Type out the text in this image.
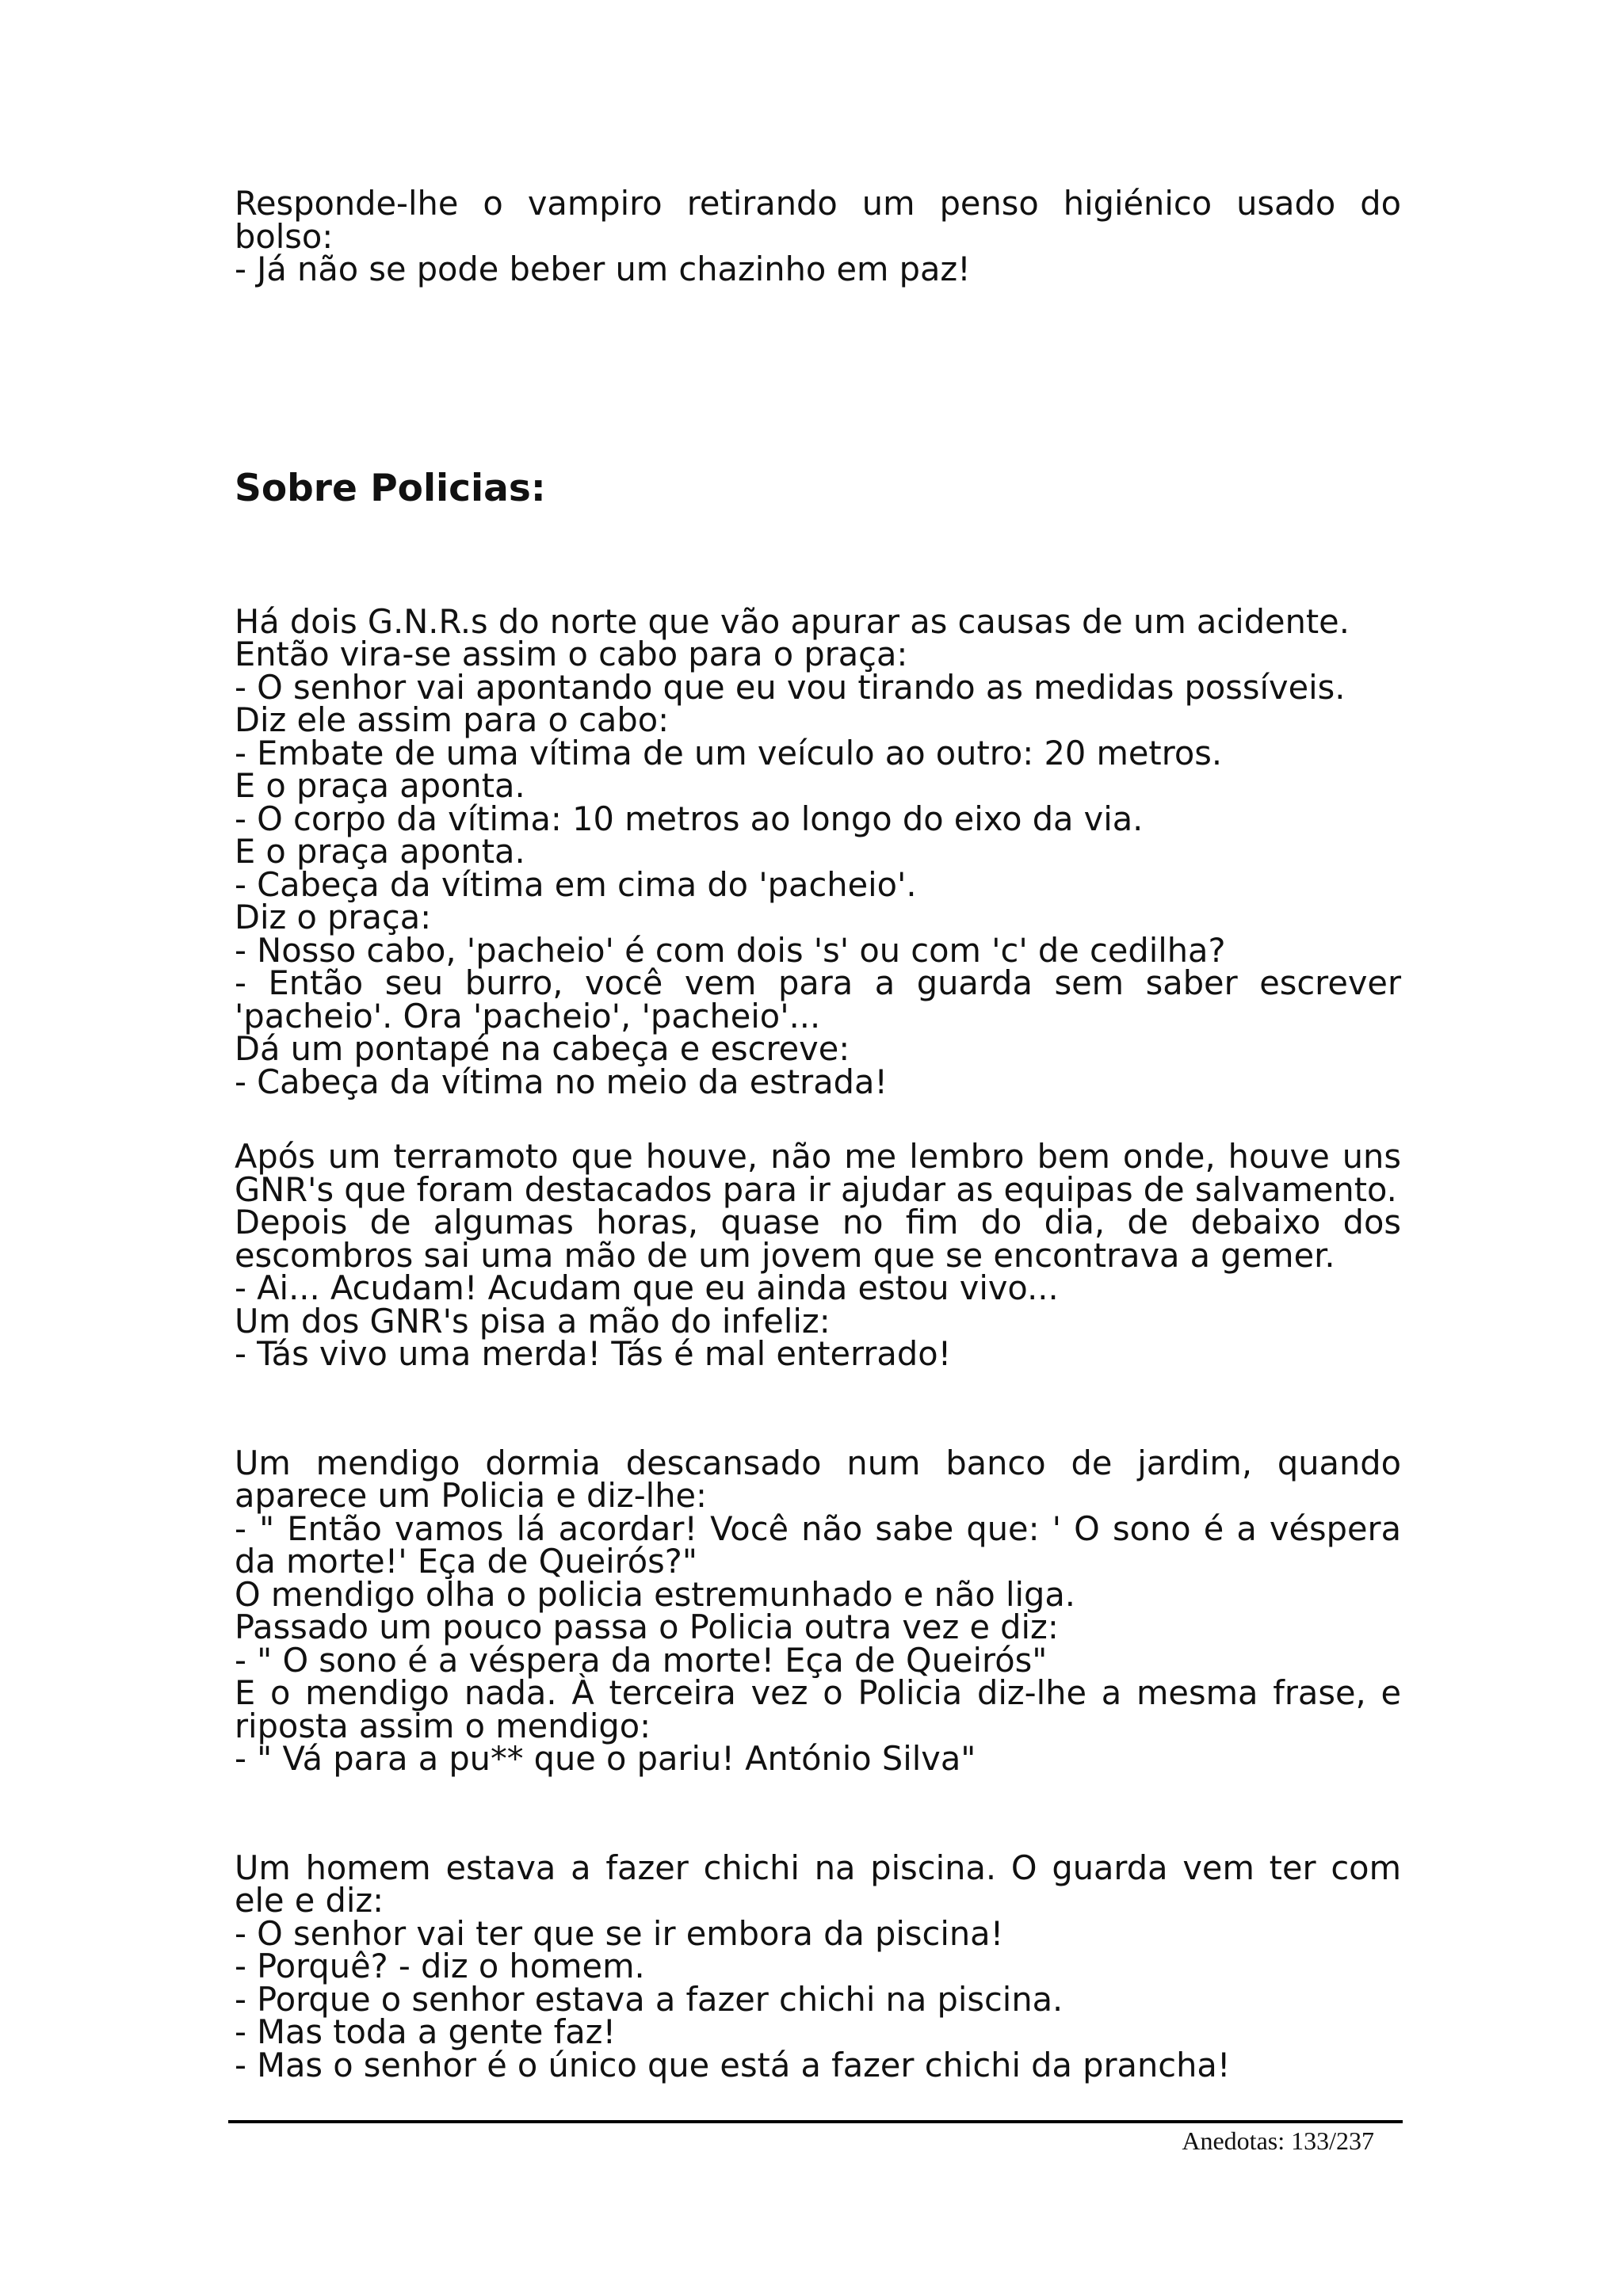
Responde-lhe o vampiro retirando um penso higiénico usado do
bolso:
- Já não se pode beber um chazinho em paz!
Sobre Policias:
Há dois G.N.R.s do norte que vão apurar as causas de um acidente.
Então vira-se assim o cabo para o praça:
- O senhor vai apontando que eu vou tirando as medidas possíveis.
Diz ele assim para o cabo:
- Embate de uma vítima de um veículo ao outro: 20 metros.
E o praça aponta.
- O corpo da vítima: 10 metros ao longo do eixo da via.
E o praça aponta.
- Cabeça da vítima em cima do 'pacheio'.
Diz o praça:
- Nosso cabo, 'pacheio' é com dois 's' ou com 'c' de cedilha?
- Então seu burro, você vem para a guarda sem saber escrever
'pacheio'. Ora 'pacheio', 'pacheio'...
Dá um pontapé na cabeça e escreve:
- Cabeça da vítima no meio da estrada!
Após um terramoto que houve, não me lembro bem onde, houve uns
GNR's que foram destacados para ir ajudar as equipas de salvamento.
Depois de algumas horas, quase no fim do dia, de debaixo dos
escombros sai uma mão de um jovem que se encontrava a gemer.
- Ai... Acudam! Acudam que eu ainda estou vivo...
Um dos GNR's pisa a mão do infeliz:
- Tás vivo uma merda! Tás é mal enterrado!
Um mendigo dormia descansado num banco de jardim, quando
aparece um Policia e diz-lhe:
- " Então vamos lá acordar! Você não sabe que: ' O sono é a véspera
da morte!' Eça de Queirós?"
O mendigo olha o policia estremunhado e não liga.
Passado um pouco passa o Policia outra vez e diz:
- " O sono é a véspera da morte! Eça de Queirós"
E o mendigo nada. À terceira vez o Policia diz-lhe a mesma frase, e
riposta assim o mendigo:
- " Vá para a pu** que o pariu! António Silva"
Um homem estava a fazer chichi na piscina. O guarda vem ter com
ele e diz:
- O senhor vai ter que se ir embora da piscina!
- Porquê? - diz o homem.
- Porque o senhor estava a fazer chichi na piscina.
- Mas toda a gente faz!
- Mas o senhor é o único que está a fazer chichi da prancha!
Anedotas: 133/237
